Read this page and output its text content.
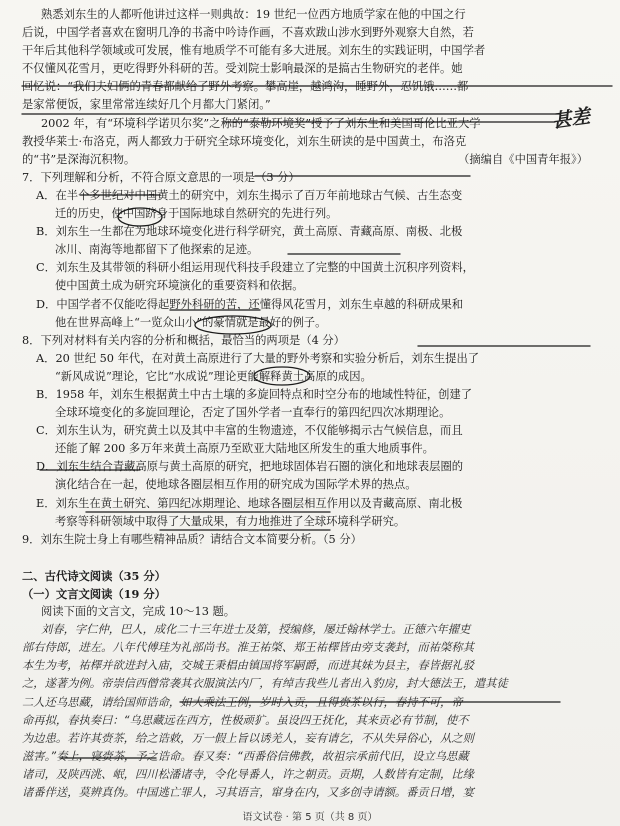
熟悉刘东生的人都听他讲过这样一则典故：19 世纪一位西方地质学家在他的中国之行
后说，中国学者喜欢在窗明几净的书斋中吟诗作画，不喜欢跋山涉水到野外观察大自然，若
干年后其他科学领域或可发展，惟有地质学不可能有多大进展。刘东生的实践证明，中国学者
不仅懂风花雪月，更吃得野外科研的苦。受刘院士影响最深的是搞古生物研究的老伴。她
回忆说：“我们夫妇俩的青春都献给了野外考察。攀高崖，越鸿沟，睡野外，忍饥饿……都
是家常便饭，家里常常连续好几个月都大门紧闭。”
2002 年，有“环境科学诺贝尔奖”之称的“泰勒环境奖”授予了刘东生和美国哥伦比亚大学
教授华莱士·布洛克，两人都致力于研究全球环境变化，刘东生研读的是中国黄土，布洛克
的“书”是深海沉积物。	（摘编自《中国青年报》）
7．下列理解和分析，不符合原文意思的一项是（3 分）
A．在半个多世纪对中国黄土的研究中，刘东生揭示了百万年前地球古气候、古生态变
迁的历史，使中国跻身于国际地球自然研究的先进行列。
B．刘东生一生都在为地球环境变化进行科学研究，黄土高原、青藏高原、南极、北极
冰川、南海等地都留下了他探索的足迹。
C．刘东生及其带领的科研小组运用现代科技手段建立了完整的中国黄土沉积序列资料，
使中国黄土成为研究环境演化的重要资料和依据。
D．中国学者不仅能吃得起野外科研的苦，还懂得风花雪月，刘东生卓越的科研成果和
他在世界高峰上“一览众山小”的豪情就是最好的例子。
8．下列对材料有关内容的分析和概括，最恰当的两项是（4 分）
A．20 世纪 50 年代，在对黄土高原进行了大量的野外考察和实验分析后，刘东生提出了
“新风成说”理论，它比“水成说”理论更能解释黄土高原的成因。
B．1958 年，刘东生根据黄土中古土壤的多旋回特点和时空分布的地域性特征，创建了
全球环境变化的多旋回理论，否定了国外学者一直奉行的第四纪四次冰期理论。
C．刘东生认为，研究黄土以及其中丰富的生物遗迹，不仅能够揭示古气候信息，而且
还能了解 200 多万年来黄土高原乃至欧亚大陆地区所发生的重大地质事件。
D．刘东生结合青藏高原与黄土高原的研究，把地球固体岩石圈的演化和地球表层圈的
演化结合在一起，使地球各圈层相互作用的研究成为国际学术界的热点。
E．刘东生在黄土研究、第四纪冰期理论、地球各圈层相互作用以及青藏高原、南北极
考察等科研领域中取得了大量成果，有力地推进了全球环境科学研究。
9．刘东生院士身上有哪些精神品质？请结合文本简要分析。（5 分）
二、古代诗文阅读（35 分）
（一）文言文阅读（19 分）
阅读下面的文言文，完成 10～13 题。
刘春，字仁仲，巴人，成化二十三年进士及第，授编修，屡迁翰林学士。正德六年擢吏
部右侍郎，进左。八年代傅珪为礼部尚书。淮王祐棨、郑王祐檡皆由旁支袭封，而祐棨称其
本生为考，祐檡并欲进封入庙，交城王秉椙由镇国将军嗣爵，而进其妹为县主，春皆据礼驳
之，遂著为例。帝崇信西僧常袭其衣服演法内厂，有绰吉我些儿者出入豹房，封大德法王，遣其徒
二人还乌思藏，请给国师诰命，如大乘法王例，岁时入贡，且得赍茶以行，春持不可，帝
命再拟，春执奏曰：“乌思藏远在西方，性极顽犷。虽设四王抚化，其来贡必有节制，使不
为边患。若许其赍茶，给之诰敕，万一假上旨以诱羌人，妄有请乞，不从失异俗心，从之则
滋害。”奏上，寝赍茶，予之诰命。春又奏：“西番俗信佛教，故祖宗承前代旧，设立乌思藏
诸司，及陕西洮、岷，四川松潘诸寺，令化导番人，许之朝贡。贡期，人数皆有定制，比缘
诸番伴送，莫辨真伪。中国逃亡罪人，习其语言，窜身在内，又多创寺请额。番贡日增，宴
甚差
语文试卷 · 第 5 页（共 8 页）
